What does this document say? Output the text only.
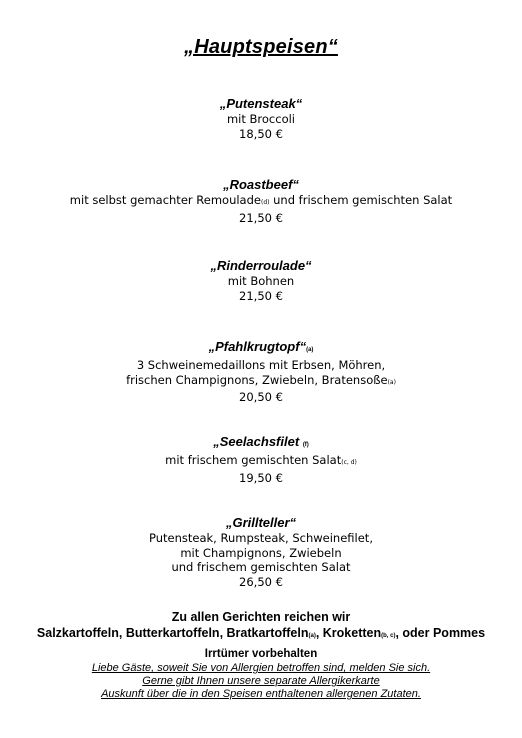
„Hauptspeisen“
„Putensteak“
mit Broccoli
18,50 €
„Roastbeef“
mit selbst gemachter Remoulade(d) und frischem gemischten Salat
21,50 €
„Rinderroulade“
mit Bohnen
21,50 €
„Pfahlkrugtopf“(a)
3 Schweinemedaillons mit Erbsen, Möhren,
frischen Champignons, Zwiebeln, Bratensoße(a)
20,50 €
„Seelachsfilet (f)
mit frischem gemischten Salat(c, d)
19,50 €
„Grillteller“
Putensteak, Rumpsteak, Schweinefilet,
mit Champignons, Zwiebeln
und frischem gemischten Salat
26,50 €
Zu allen Gerichten reichen wir
Salzkartoffeln, Butterkartoffeln, Bratkartoffeln(a), Kroketten(b, c), oder Pommes
Irrtümer vorbehalten
Liebe Gäste, soweit Sie von Allergien betroffen sind, melden Sie sich.
Gerne gibt Ihnen unsere separate Allergikerkarte
Auskunft über die in den Speisen enthaltenen allergenen Zutaten.
